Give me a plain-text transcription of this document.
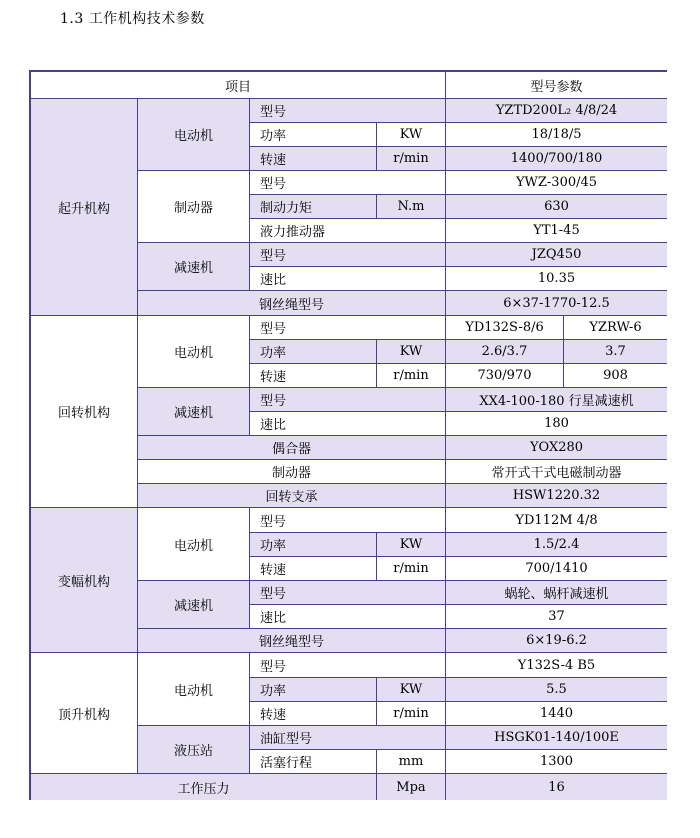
1.3 工作机构技术参数
项目	型号参数
起升机构
电动机
型号	YZTD200L₂ 4/8/24
功率	KW	18/18/5
转速	r/min	1400/700/180
制动器
型号	YWZ-300/45
制动力矩	N.m	630
液力推动器	YT1-45
减速机
型号	JZQ450
速比	10.35
钢丝绳型号	6×37-1770-12.5
回转机构
电动机
型号	YD132S-8/6	YZRW-6
功率	KW	2.6/3.7	3.7
转速	r/min	730/970	908
减速机
型号	XX4-100-180 行星减速机
速比	180
偶合器	YOX280
制动器	常开式干式电磁制动器
回转支承	HSW1220.32
变幅机构
电动机
型号	YD112M 4/8
功率	KW	1.5/2.4
转速	r/min	700/1410
减速机
型号	蜗轮、蜗杆减速机
速比	37
钢丝绳型号	6×19-6.2
顶升机构
电动机
型号	Y132S-4 B5
功率	KW	5.5
转速	r/min	1440
液压站
油缸型号	HSGK01-140/100E
活塞行程	mm	1300
工作压力	Mpa	16
